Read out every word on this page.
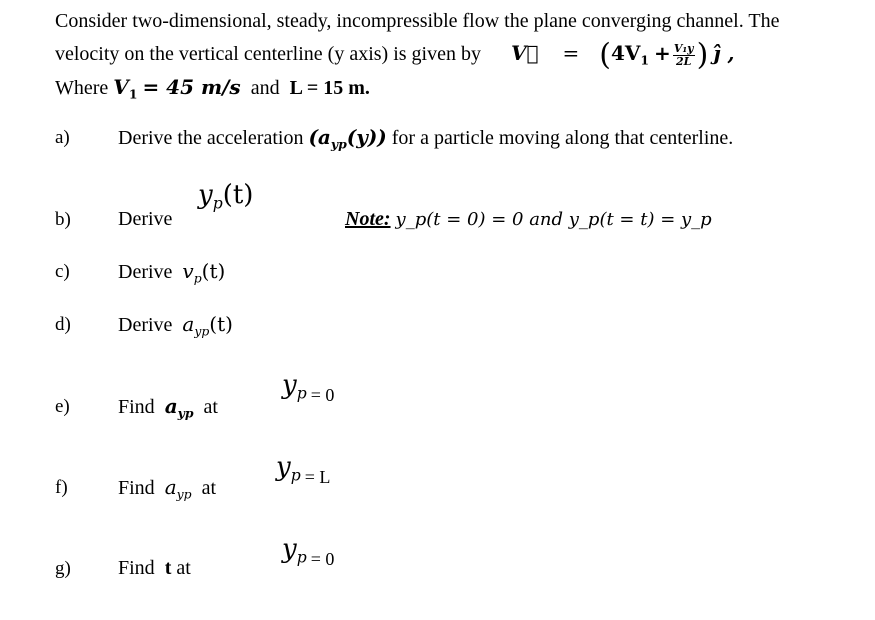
Consider two-dimensional, steady, incompressible flow the plane converging channel. The
velocity on the vertical centerline (y axis) is given by V⃗ = ($4V_1 + \frac{\text{V₁y}}{2L}$ ) ĵ ,
Where $V_1 = 45$ m/s and L = 15 m.
a) Derive the acceleration $(a_{yp}(y))$ for a particle moving along that centerline.
b) Derive
$y_p(t)$
Note: y_p(t = 0) = 0 and y_p(t = t) = y_p
c) Derive $v_p(t)$
d) Derive $a_{yp}(t)$
e) Find $a_{yp}$ at
$y_p = 0$
f)	Find $a_{yp}$ at
$y_p = L$
g) Find t at
$y_p = 0$
